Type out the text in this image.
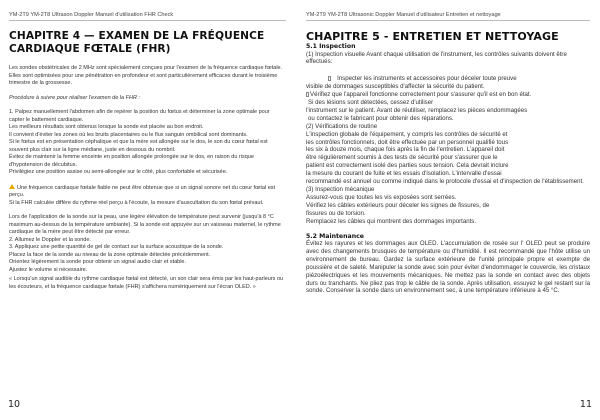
YM-2T9 YM-2T8 Ultrason Doppler Manuel d'utilisation FHR Check
CHAPITRE 4 — EXAMEN DE LA FRÉQUENCE CARDIAQUE FŒTALE (FHR)

Les sondes obstétricales de 2 MHz sont spécialement conçues pour l'examen de la fréquence cardiaque fœtale. Elles sont optimisées pour une pénétration en profondeur et sont particulièrement efficaces durant le troisième trimestre de la grossesse.

Procédure à suivre pour réaliser l'examen de la FHR :

1. Palpez manuellement l'abdomen afin de repérer la position du fœtus et déterminer la zone optimale pour capter le battement cardiaque.

Les meilleurs résultats sont obtenus lorsque la sonde est placée au bon endroit.

Il convient d'éviter les zones où les bruits placentaires ou le flux sanguin ombilical sont dominants.

Si le fœtus est en présentation céphalique et que la mère est allongée sur le dos, le son du cœur fœtal est souvent plus clair sur la ligne médiane, juste en dessous du nombril.

Évitez de maintenir la femme enceinte en position allongée prolongée sur le dos, en raison du risque d'hypotension de décubitus.

Privilégiez une position assise ou semi-allongée sur le côté, plus confortable et sécurisée.

Une fréquence cardiaque fœtale fiable ne peut être obtenue que si un signal sonore net du cœur fœtal est perçu.

Si la FHR calculée diffère du rythme réel perçu à l'écoute, la mesure d'auscultation du son fœtal prévaut.

Lors de l'application de la sonde sur la peau, une légère élévation de température peut survenir (jusqu'à 8 °C maximum au-dessus de la température ambiante). Si la sonde est appuyée sur un vaisseau maternel, le rythme cardiaque de la mère peut être détecté par erreur.

2. Allumez le Doppler et la sonde.

3. Appliquez une petite quantité de gel de contact sur la surface acoustique de la sonde.

Placez la face de la sonde au niveau de la zone optimale détectée précédemment.

Orientez légèrement la sonde pour obtenir un signal audio clair et stable.

Ajustez le volume si nécessaire.

« Lorsqu'un signal audible du rythme cardiaque fœtal est détecté, un son clair sera émis par les haut-parleurs ou les écouteurs, et la fréquence cardiaque fœtale (FHR) s'affichera numériquement sur l'écran OLED. »

10
YM-2T9 YM-2T8 Ultrasonic Doppler Manuel d'utilisateur Entretien et nettoyage
CHAPITRE 5 - ENTRETIEN ET NETTOYAGE
5.1 Inspection

(1) Inspection visuelle Avant chaque utilisation de l'instrument, les contrôles suivants doivent être effectués:

Inspecter les instruments et accessoires pour déceler toute preuve

visible de dommages susceptibles d'affecter la sécurité du patient.

Vérifiez que l'appareil fonctionne correctement pour s'assurer qu'il est en bon état.

Si des lésions sont détectées, cessez d'utiliser

l'instrument sur le patient. Avant de réutiliser, remplacez les pièces endommagées

ou contactez le fabricant pour obtenir des réparations.

(2) Vérifications de routine

L'inspection globale de l'équipement, y compris les contrôles de sécurité et

les contrôles fonctionnels, doit être effectuée par un personnel qualifié tous

les six à douze mois, chaque fois après la fin de l'entretien. L'appareil doit

être régulièrement soumis à des tests de sécurité pour s'assurer que le

patient est correctement isolé des parties sous tension. Cela devrait inclure

la mesure du courant de fuite et les essais d'isolation. L'intervalle d'essai

recommandé est annuel ou comme indiqué dans le protocole d'essai et d'inspection de l'établissement.

(3) Inspection mécanique

Assurez-vous que toutes les vis exposées sont serrées.

Vérifiez les câbles extérieurs pour déceler les signes de fissures, de

fissures ou de torsion.

Remplacez les câbles qui montrent des dommages importants.

5.2 Maintenance

Évitez les rayures et les dommages aux OLED. L'accumulation de rosée sur l' OLED peut se produire avec des changements brusques de température ou d'humidité. Il est recommandé que l'hôte utilise un environnement de bureau. Gardez la surface extérieure de l'unité principale propre et exempte de poussière et de saleté. Manipuler la sonde avec soin pour éviter d'endommager le couvercle, les cristaux piézoélectriques et les mouvements mécaniques. Ne mettez pas la sonde en contact avec des objets durs ou tranchants. Ne pliez pas trop le câble de la sonde. Après utilisation, essuyez le gel restant sur la sonde. Conserver la sonde dans un environnement sec, à une température inférieure à 45 °C.

11
